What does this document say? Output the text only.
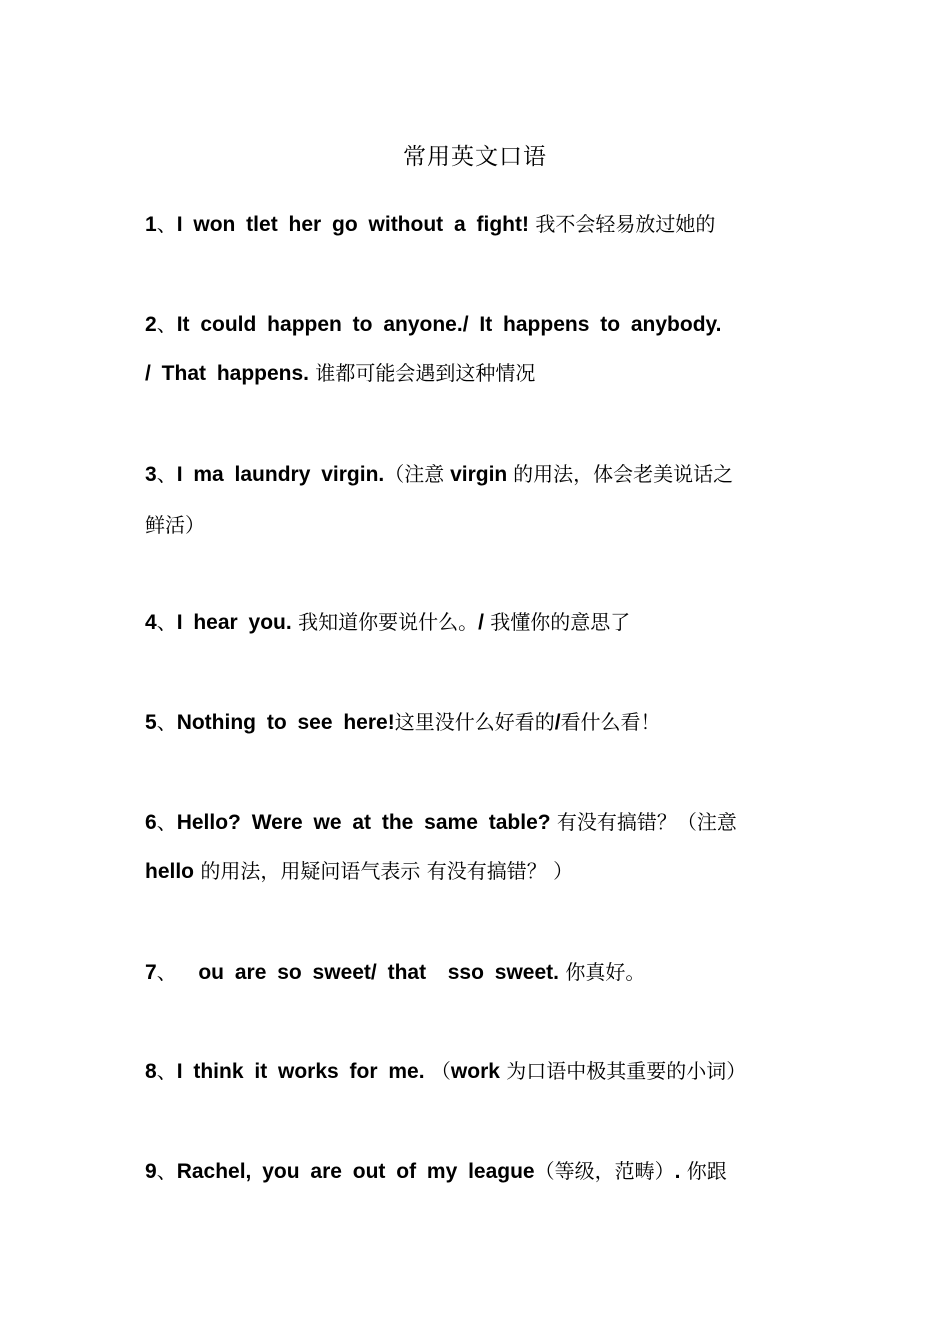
常用英文口语
1、I won tlet her go without a fight! 我不会轻易放过她的
2、It could happen to anyone./ It happens to anybody.
/ That happens. 谁都可能会遇到这种情况
3、I ma laundry virgin.（注意 virgin 的用法，体会老美说话之
鲜活）
4、I hear you. 我知道你要说什么。/ 我懂你的意思了
5、Nothing to see here!这里没什么好看的/看什么看！
6、Hello? Were we at the same table? 有没有搞错？（注意
hello 的用法，用疑问语气表示 有没有搞错？ ）
7、  ou are so sweet/ that  sso sweet. 你真好。
8、I think it works for me. （work 为口语中极其重要的小词）
9、Rachel, you are out of my league（等级，范畴）. 你跟
